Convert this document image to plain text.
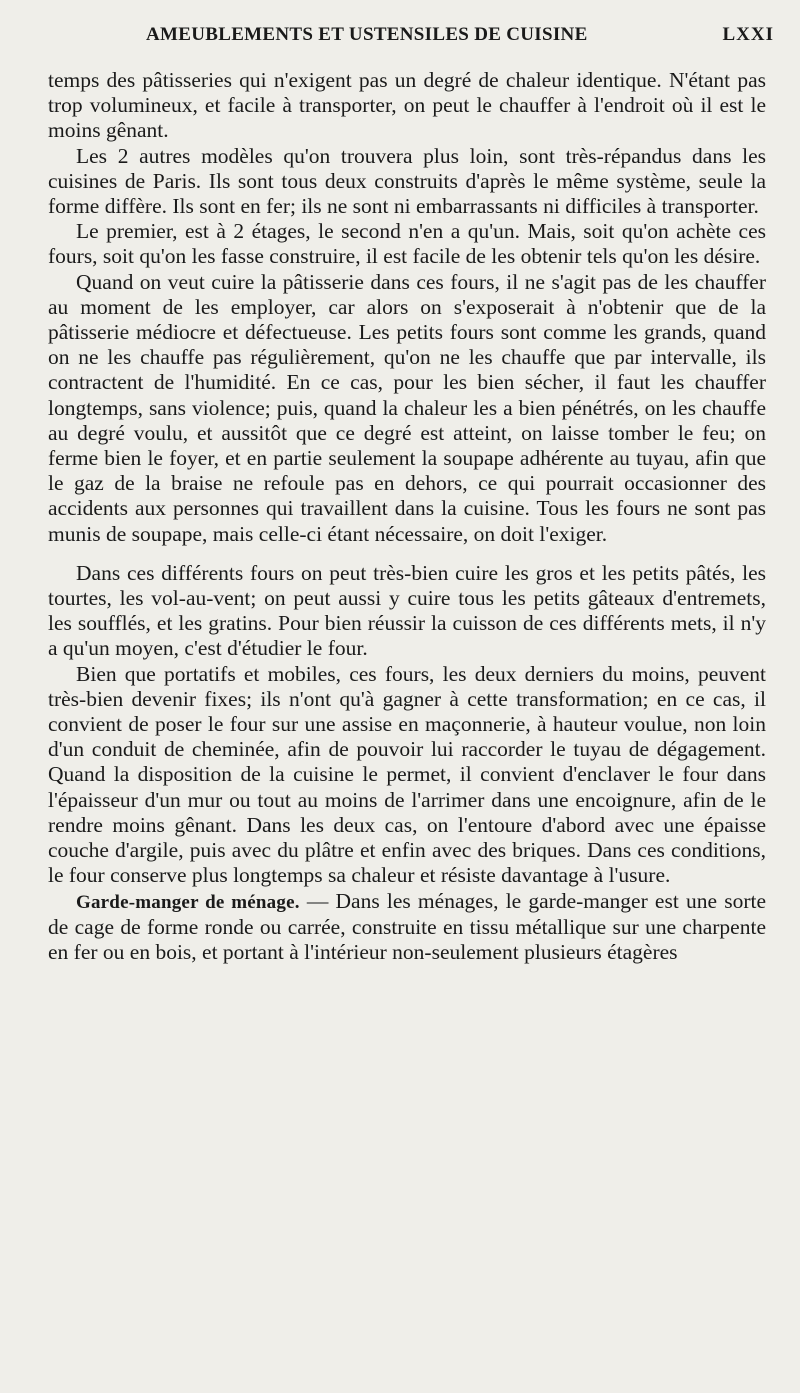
AMEUBLEMENTS ET USTENSILES DE CUISINE	LXXI

temps des pâtisseries qui n'exigent pas un degré de chaleur identique. N'étant pas trop volumineux, et facile à transporter, on peut le chauffer à l'endroit où il est le moins gênant.

Les 2 autres modèles qu'on trouvera plus loin, sont très-répandus dans les cuisines de Paris. Ils sont tous deux construits d'après le même système, seule la forme diffère. Ils sont en fer; ils ne sont ni embarrassants ni difficiles à transporter.

Le premier, est à 2 étages, le second n'en a qu'un. Mais, soit qu'on achète ces fours, soit qu'on les fasse construire, il est facile de les obtenir tels qu'on les désire.

Quand on veut cuire la pâtisserie dans ces fours, il ne s'agit pas de les chauffer au moment de les employer, car alors on s'exposerait à n'obtenir que de la pâtisserie médiocre et défectueuse. Les petits fours sont comme les grands, quand on ne les chauffe pas régulièrement, qu'on ne les chauffe que par intervalle, ils contractent de l'humidité. En ce cas, pour les bien sécher, il faut les chauffer longtemps, sans violence; puis, quand la chaleur les a bien pénétrés, on les chauffe au degré voulu, et aussitôt que ce degré est atteint, on laisse tomber le feu; on ferme bien le foyer, et en partie seulement la soupape adhérente au tuyau, afin que le gaz de la braise ne refoule pas en dehors, ce qui pourrait occasionner des accidents aux personnes qui travaillent dans la cuisine. Tous les fours ne sont pas munis de soupape, mais celle-ci étant nécessaire, on doit l'exiger.

Dans ces différents fours on peut très-bien cuire les gros et les petits pâtés, les tourtes, les vol-au-vent; on peut aussi y cuire tous les petits gâteaux d'entremets, les soufflés, et les gratins. Pour bien réussir la cuisson de ces différents mets, il n'y a qu'un moyen, c'est d'étudier le four.

Bien que portatifs et mobiles, ces fours, les deux derniers du moins, peuvent très-bien devenir fixes; ils n'ont qu'à gagner à cette transformation; en ce cas, il convient de poser le four sur une assise en maçonnerie, à hauteur voulue, non loin d'un conduit de cheminée, afin de pouvoir lui raccorder le tuyau de dégagement. Quand la disposition de la cuisine le permet, il convient d'enclaver le four dans l'épaisseur d'un mur ou tout au moins de l'arrimer dans une encoignure, afin de le rendre moins gênant. Dans les deux cas, on l'entoure d'abord avec une épaisse couche d'argile, puis avec du plâtre et enfin avec des briques. Dans ces conditions, le four conserve plus longtemps sa chaleur et résiste davantage à l'usure.

Garde-manger de ménage. — Dans les ménages, le garde-manger est une sorte de cage de forme ronde ou carrée, construite en tissu métallique sur une charpente en fer ou en bois, et portant à l'intérieur non-seulement plusieurs étagères
